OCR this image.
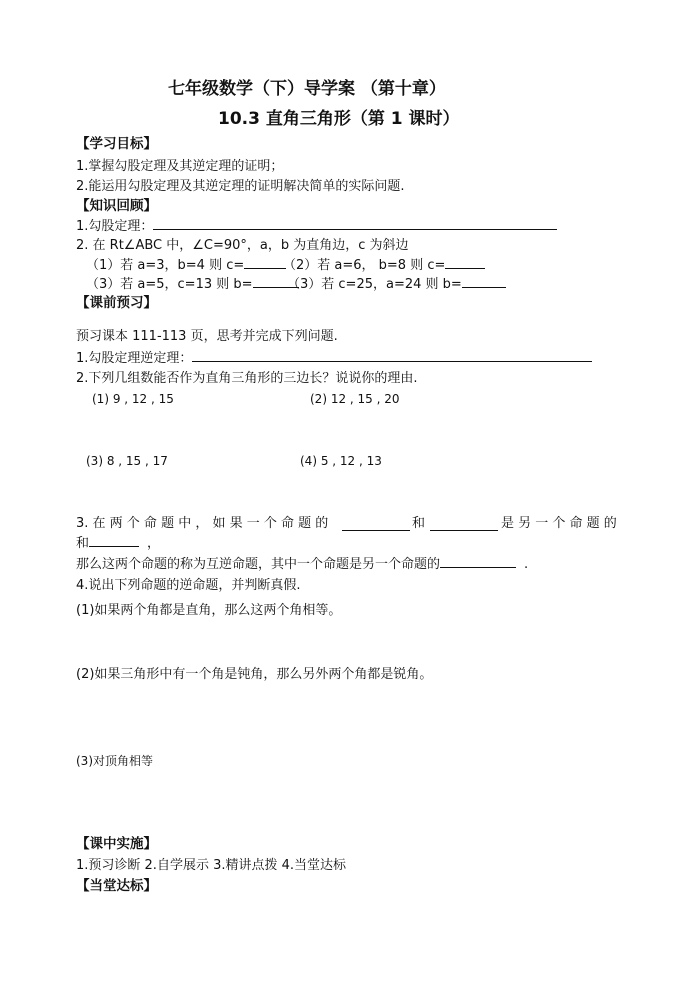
七年级数学（下）导学案 （第十章）
10.3 直角三角形（第 1 课时）
【学习目标】
1.掌握勾股定理及其逆定理的证明；
2.能运用勾股定理及其逆定理的证明解决简单的实际问题.
【知识回顾】
1.勾股定理：
2. 在 Rt∠ABC 中，∠C=90°，a，b 为直角边，c 为斜边
（1）若 a=3，b=4 则 c=	（2）若 a=6， b=8 则 c=
（3）若 a=5，c=13 则 b=	（3）若 c=25，a=24 则 b=
【课前预习】
预习课本 111-113 页，思考并完成下列问题.
1.勾股定理逆定理：
2.下列几组数能否作为直角三角形的三边长？说说你的理由.
(1) 9 , 12 , 15	(2) 12 , 15 , 20
(3) 8 , 15 , 17	(4) 5 , 12 , 13
3. 在 两 个 命 题 中 ， 如 果 一 个 命 题 的	和	是 另 一 个 命 题 的
和	，
那么这两个命题的称为互逆命题，其中一个命题是另一个命题的	.
4.说出下列命题的逆命题，并判断真假.
(1)如果两个角都是直角，那么这两个角相等。
(2)如果三角形中有一个角是钝角，那么另外两个角都是锐角。
(3)对顶角相等
【课中实施】
1.预习诊断 2.自学展示 3.精讲点拨 4.当堂达标
【当堂达标】
